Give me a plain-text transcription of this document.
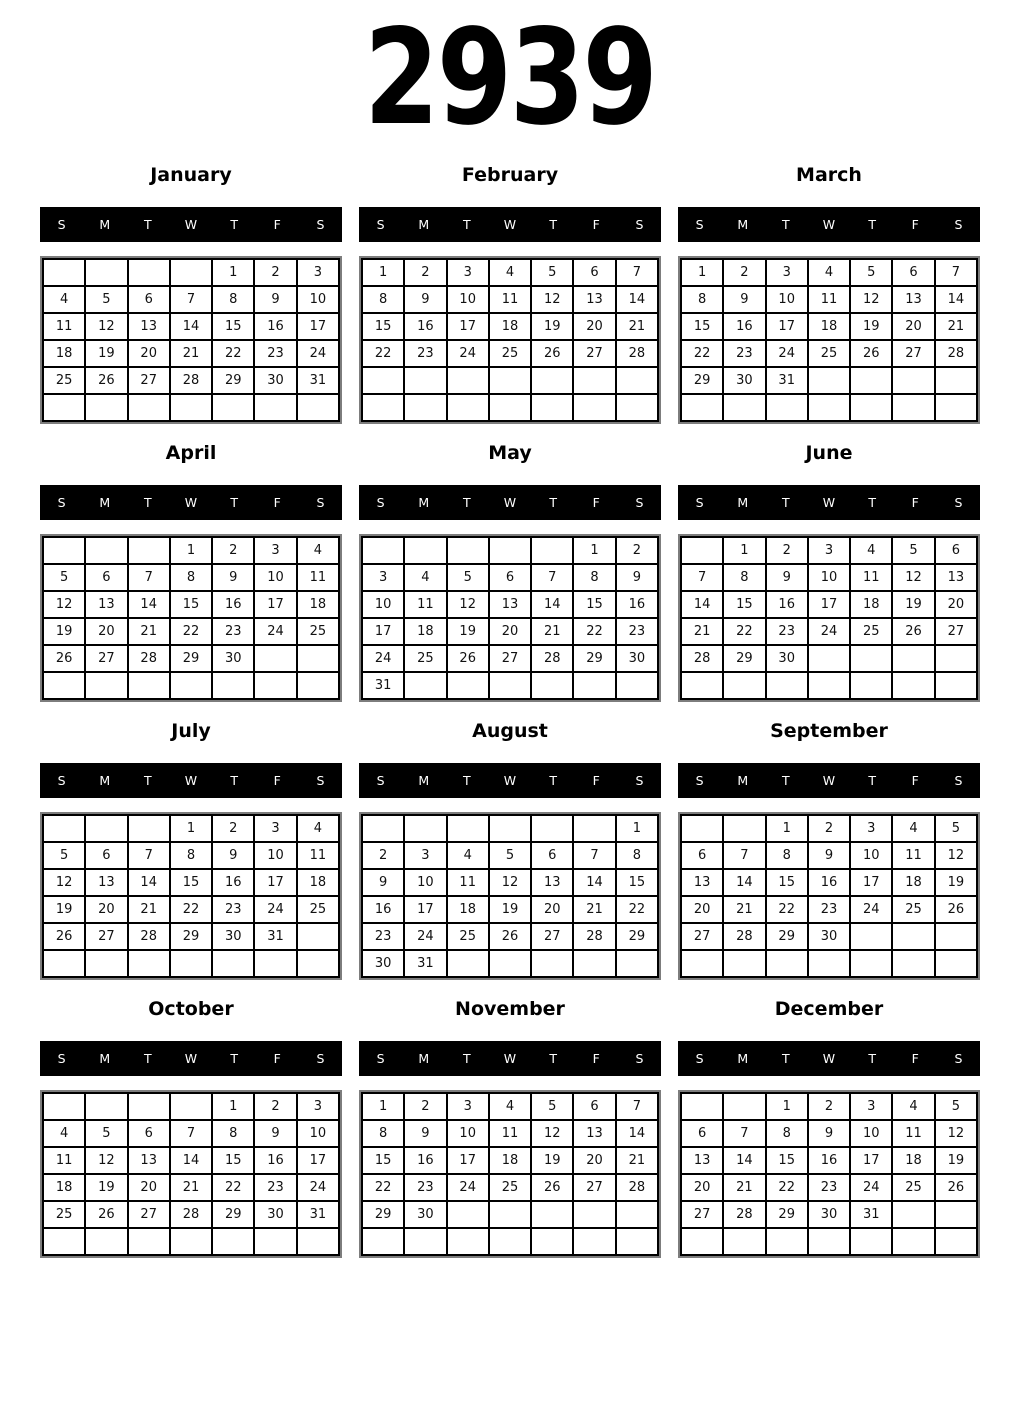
2939
January
S	M	T	W	T	F	S
				1	2	3
4	5	6	7	8	9	10
11	12	13	14	15	16	17
18	19	20	21	22	23	24
25	26	27	28	29	30	31

February
S	M	T	W	T	F	S
1	2	3	4	5	6	7
8	9	10	11	12	13	14
15	16	17	18	19	20	21
22	23	24	25	26	27	28

March
S	M	T	W	T	F	S
1	2	3	4	5	6	7
8	9	10	11	12	13	14
15	16	17	18	19	20	21
22	23	24	25	26	27	28
29	30	31				

April
S	M	T	W	T	F	S
			1	2	3	4
5	6	7	8	9	10	11
12	13	14	15	16	17	18
19	20	21	22	23	24	25
26	27	28	29	30		

May
S	M	T	W	T	F	S
					1	2
3	4	5	6	7	8	9
10	11	12	13	14	15	16
17	18	19	20	21	22	23
24	25	26	27	28	29	30
31						
June
S	M	T	W	T	F	S
	1	2	3	4	5	6
7	8	9	10	11	12	13
14	15	16	17	18	19	20
21	22	23	24	25	26	27
28	29	30				

July
S	M	T	W	T	F	S
			1	2	3	4
5	6	7	8	9	10	11
12	13	14	15	16	17	18
19	20	21	22	23	24	25
26	27	28	29	30	31	

August
S	M	T	W	T	F	S
						1
2	3	4	5	6	7	8
9	10	11	12	13	14	15
16	17	18	19	20	21	22
23	24	25	26	27	28	29
30	31					
September
S	M	T	W	T	F	S
		1	2	3	4	5
6	7	8	9	10	11	12
13	14	15	16	17	18	19
20	21	22	23	24	25	26
27	28	29	30			

October
S	M	T	W	T	F	S
				1	2	3
4	5	6	7	8	9	10
11	12	13	14	15	16	17
18	19	20	21	22	23	24
25	26	27	28	29	30	31

November
S	M	T	W	T	F	S
1	2	3	4	5	6	7
8	9	10	11	12	13	14
15	16	17	18	19	20	21
22	23	24	25	26	27	28
29	30					

December
S	M	T	W	T	F	S
		1	2	3	4	5
6	7	8	9	10	11	12
13	14	15	16	17	18	19
20	21	22	23	24	25	26
27	28	29	30	31		
